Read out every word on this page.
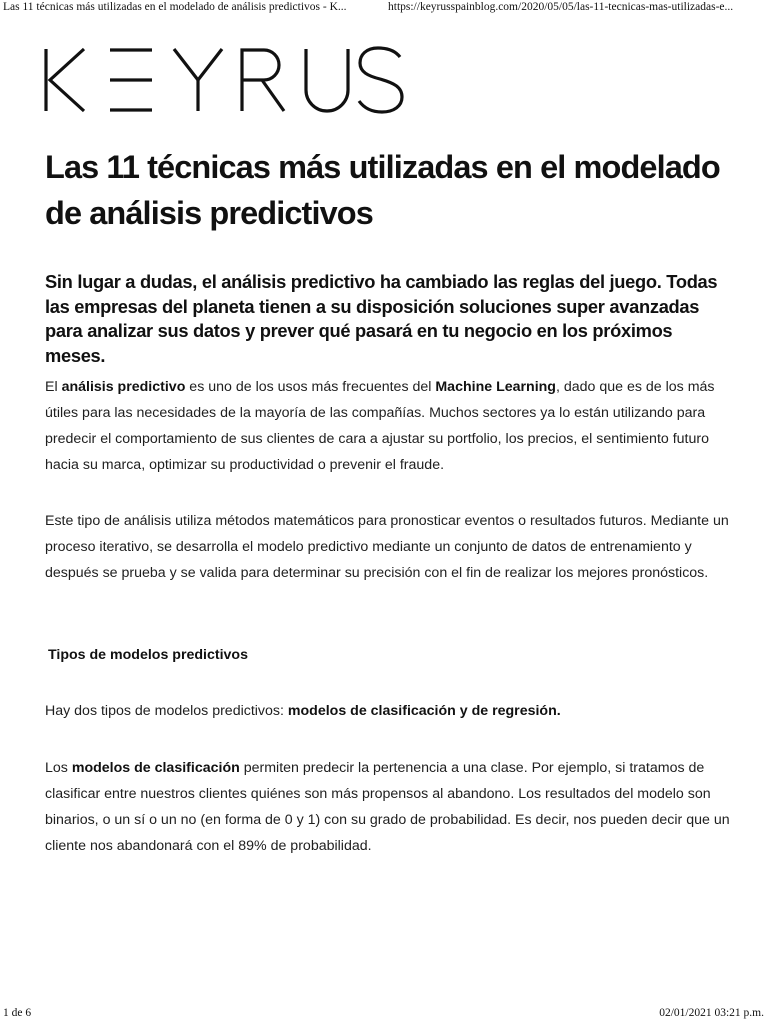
Las 11 técnicas más utilizadas en el modelado de análisis predictivos - K...	https://keyrusspainblog.com/2020/05/05/las-11-tecnicas-mas-utilizadas-e...
Las 11 técnicas más utilizadas en el modelado de análisis predictivos

Sin lugar a dudas, el análisis predictivo ha cambiado las reglas del juego. Todas las empresas del planeta tienen a su disposición soluciones super avanzadas para analizar sus datos y prever qué pasará en tu negocio en los próximos meses.

El análisis predictivo es uno de los usos más frecuentes del Machine Learning, dado que es de los más útiles para las necesidades de la mayoría de las compañías. Muchos sectores ya lo están utilizando para predecir el comportamiento de sus clientes de cara a ajustar su portfolio, los precios, el sentimiento futuro hacia su marca, optimizar su productividad o prevenir el fraude.

Este tipo de análisis utiliza métodos matemáticos para pronosticar eventos o resultados futuros. Mediante un proceso iterativo, se desarrolla el modelo predictivo mediante un conjunto de datos de entrenamiento y después se prueba y se valida para determinar su precisión con el fin de realizar los mejores pronósticos.

Tipos de modelos predictivos

Hay dos tipos de modelos predictivos: modelos de clasificación y de regresión.

Los modelos de clasificación permiten predecir la pertenencia a una clase. Por ejemplo, si tratamos de clasificar entre nuestros clientes quiénes son más propensos al abandono. Los resultados del modelo son binarios, o un sí o un no (en forma de 0 y 1) con su grado de probabilidad. Es decir, nos pueden decir que un cliente nos abandonará con el 89% de probabilidad.

1 de 6	02/01/2021 03:21 p.m.
